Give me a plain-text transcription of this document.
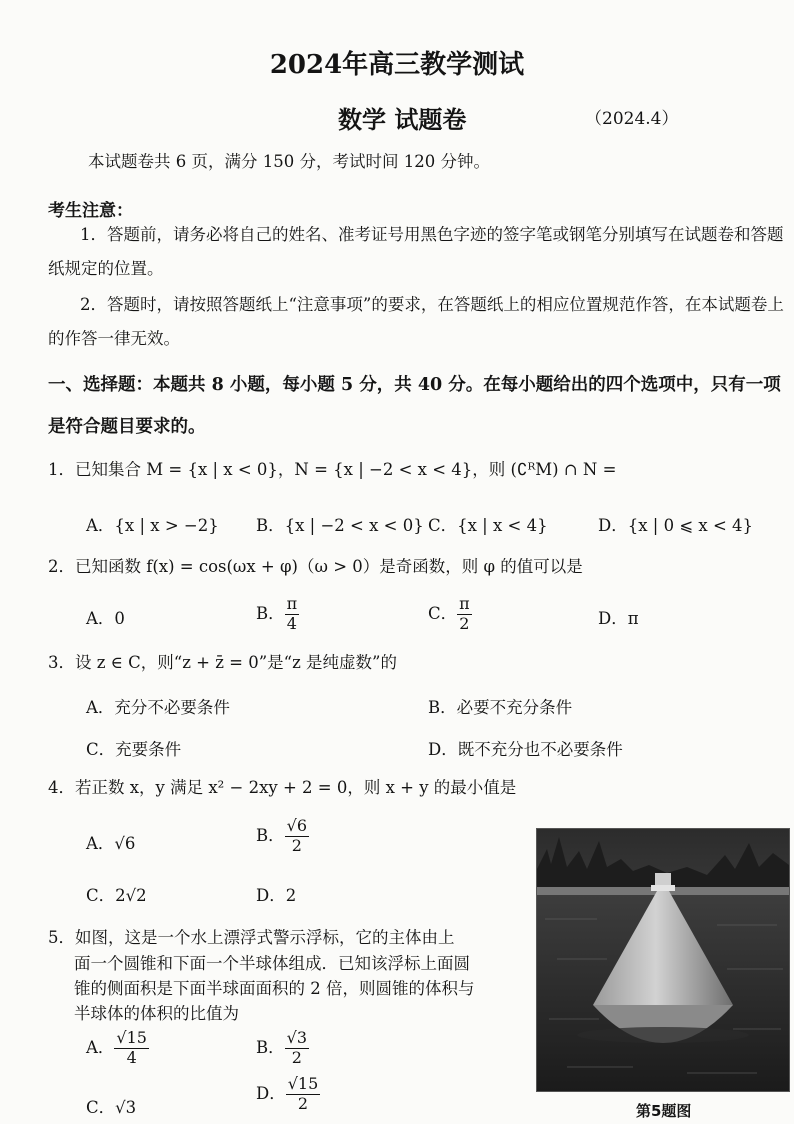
2024年高三教学测试
数学 试题卷	（2024.4）
本试题卷共 6 页，满分 150 分，考试时间 120 分钟。
考生注意：
1．答题前，请务必将自己的姓名、准考证号用黑色字迹的签字笔或钢笔分别填写在试题卷和答题纸规定的位置。
2．答题时，请按照答题纸上“注意事项”的要求，在答题纸上的相应位置规范作答，在本试题卷上的作答一律无效。
一、选择题：本题共 8 小题，每小题 5 分，共 40 分。在每小题给出的四个选项中，只有一项是符合题目要求的。
1．已知集合 M = {x | x < 0}，N = {x | −2 < x < 4}，则 (∁ᴿM) ∩ N =
A．{x | x > −2} B．{x | −2 < x < 0} C．{x | x < 4}	D．{x | 0 ⩽ x < 4}
2．已知函数 f(x) = cos(ωx + φ)（ω > 0）是奇函数，则 φ 的值可以是
A．0	B． $\frac{\pi}{4}$	C． $\frac{\pi}{2}$	D．π
3．设 z ∈ C，则“z + z̄ = 0”是“z 是纯虚数”的
A．充分不必要条件	B．必要不充分条件
C．充要条件	D．既不充分也不必要条件
4．若正数 x，y 满足 x² − 2xy + 2 = 0，则 x + y 的最小值是
A．√6	B． $\frac{√6}{2}$
C．2√2	D．2
5．如图，这是一个水上漂浮式警示浮标，它的主体由上
面一个圆锥和下面一个半球体组成．已知该浮标上面圆
锥的侧面积是下面半球面面积的 2 倍，则圆锥的体积与
半球体的体积的比值为
A． $\frac{√15}{4}$	B． $\frac{√3}{2}$
C．√3
D． $\frac{√15}{2}$	第5题图
